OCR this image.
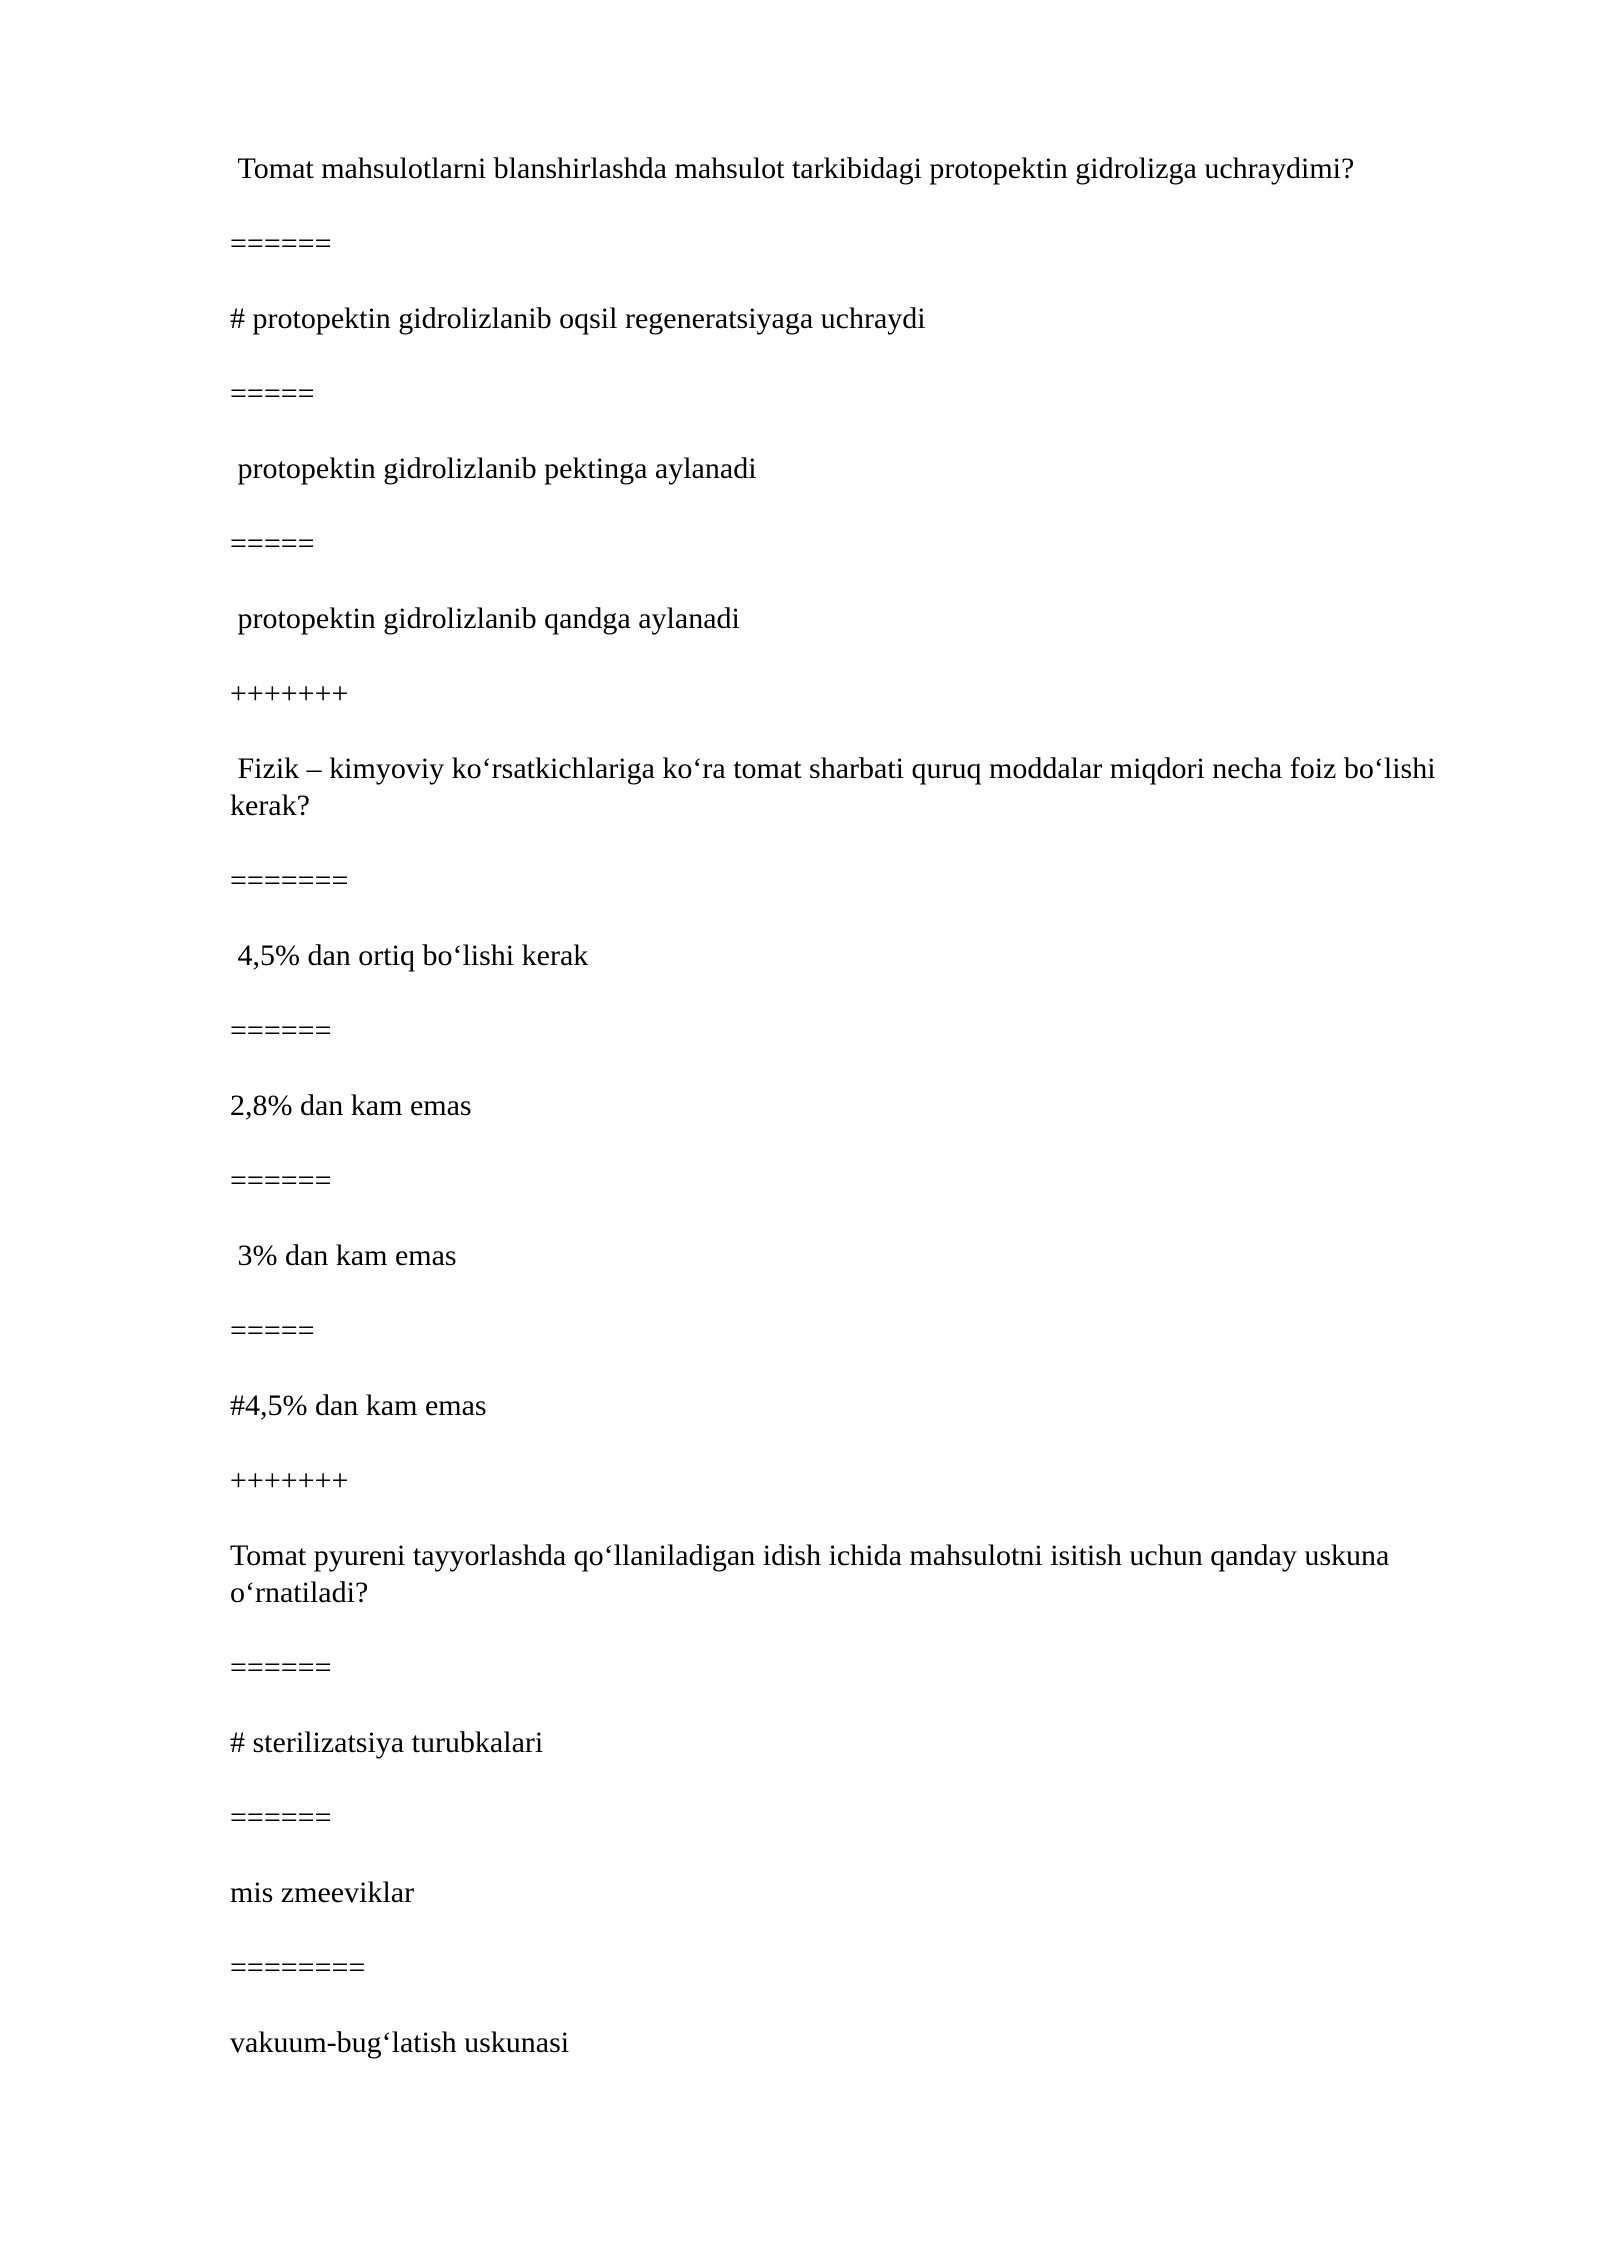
Tomat mahsulotlarni blanshirlashda mahsulot tarkibidagi protopektin gidrolizga uchraydimi?
======
# protopektin gidrolizlanib oqsil regeneratsiyaga uchraydi
=====
protopektin gidrolizlanib pektinga aylanadi
=====
protopektin gidrolizlanib qandga aylanadi
+++++++
Fizik – kimyoviy ko‘rsatkichlariga ko‘ra tomat sharbati quruq moddalar miqdori necha foiz bo‘lishi kerak?
=======
4,5% dan ortiq bo‘lishi kerak
======
2,8% dan kam emas
======
3% dan kam emas
=====
#4,5% dan kam emas
+++++++
Tomat pyureni tayyorlashda qo‘llaniladigan idish ichida mahsulotni isitish uchun qanday uskuna o‘rnatiladi?
======
# sterilizatsiya turubkalari
======
mis zmeeviklar
========
vakuum-bug‘latish uskunasi
